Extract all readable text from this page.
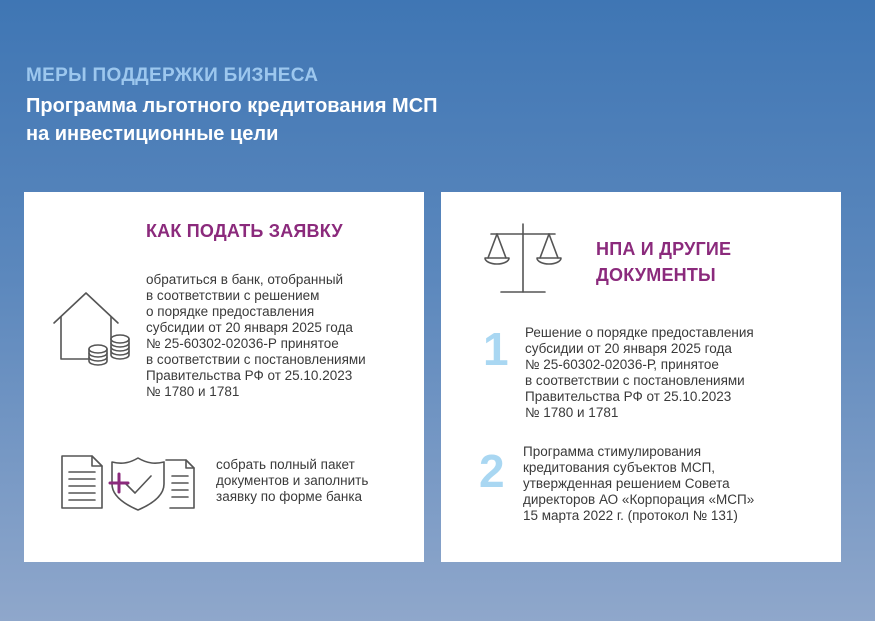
МЕРЫ ПОДДЕРЖКИ БИЗНЕСА
Программа льготного кредитования МСП
на инвестиционные цели
КАК ПОДАТЬ ЗАЯВКУ
обратиться в банк, отобранный
в соответствии с решением
о порядке предоставления
субсидии от 20 января 2025 года
№ 25-60302-02036-Р принятое
в соответствии с постановлениями
Правительства РФ от 25.10.2023
№ 1780 и 1781
собрать полный пакет
документов и заполнить
заявку по форме банка
НПА И ДРУГИЕ
ДОКУМЕНТЫ
1 Решение о порядке предоставления
субсидии от 20 января 2025 года
№ 25-60302-02036-Р, принятое
в соответствии с постановлениями
Правительства РФ от 25.10.2023
№ 1780 и 1781
2 Программа стимулирования
кредитования субъектов МСП,
утвержденная решением Совета
директоров АО «Корпорация «МСП»
15 марта 2022 г. (протокол № 131)
